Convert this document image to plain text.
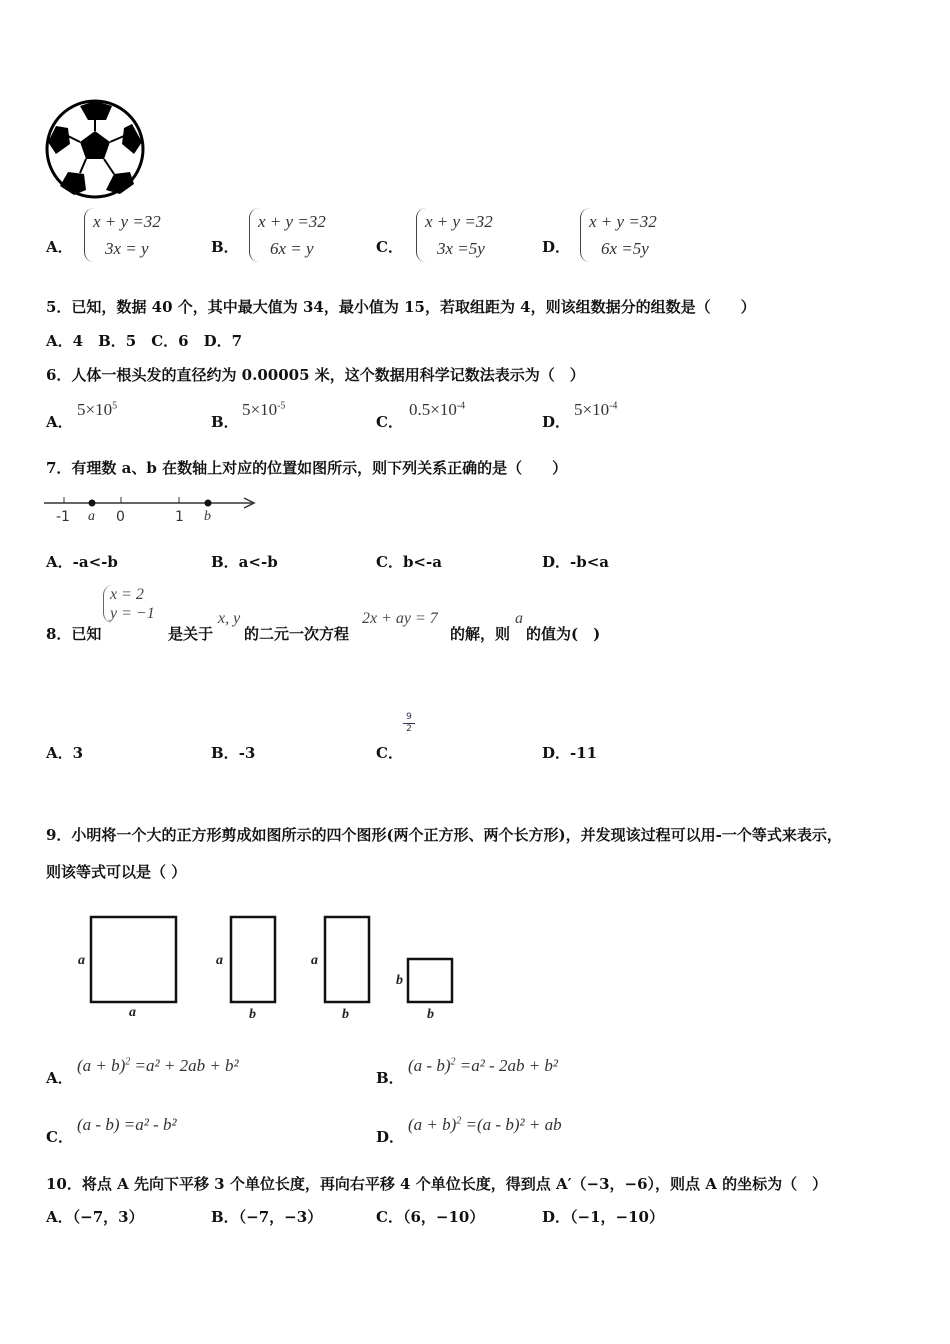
A．
x + y =32
3x = y	B．
x + y =32
6x = y	C．
x + y =32
3x =5y	D．
x + y =32
6x =5y
5．已知，数据 40 个，其中最大值为 34，最小值为 15，若取组距为 4，则该组数据分的组数是（　　）
A．4　B．5　C．6　D．7
6．人体一根头发的直径约为 0.00005 米，这个数据用科学记数法表示为（　）
A．
$5\times 10^5$
B．
$5\times 10^{-5}$
C．
$0.5\times 10^{-4}$
D．
$5\times 10^{-4}$
7．有理数 a、b 在数轴上对应的位置如图所示，则下列关系正确的是（　　）
-1 a 0	1 b
A．-a<-b	B．a<-b	C．b<-a	D．-b<a
8．已知
x = 2
y = −1
是关于
x, y
的二元一次方程
2x + ay = 7
的解，则
a
的值为(　)
A．3	B．-3	C．
9
2
D．-11
9．小明将一个大的正方形剪成如图所示的四个图形(两个正方形、两个长方形)，并发现该过程可以用-一个等式来表示，
则该等式可以是（ ）
a
a
a
b
a
b
b
b
A．
$(a + b)^2 =a^2 + 2ab + b^2$
B．
(a - b)$^2$ =a² - 2ab + b²
C．
(a - b) =a² - b²
D．
$(a + b)^2 =(a - b)^2$ + ab
10．将点 A 先向下平移 3 个单位长度，再向右平移 4 个单位长度，得到点 A′（−3，−6），则点 A 的坐标为（　）
A．（−7，3）	B．（−7，−3）	C．（6，−10）	D．（−1，−10）
